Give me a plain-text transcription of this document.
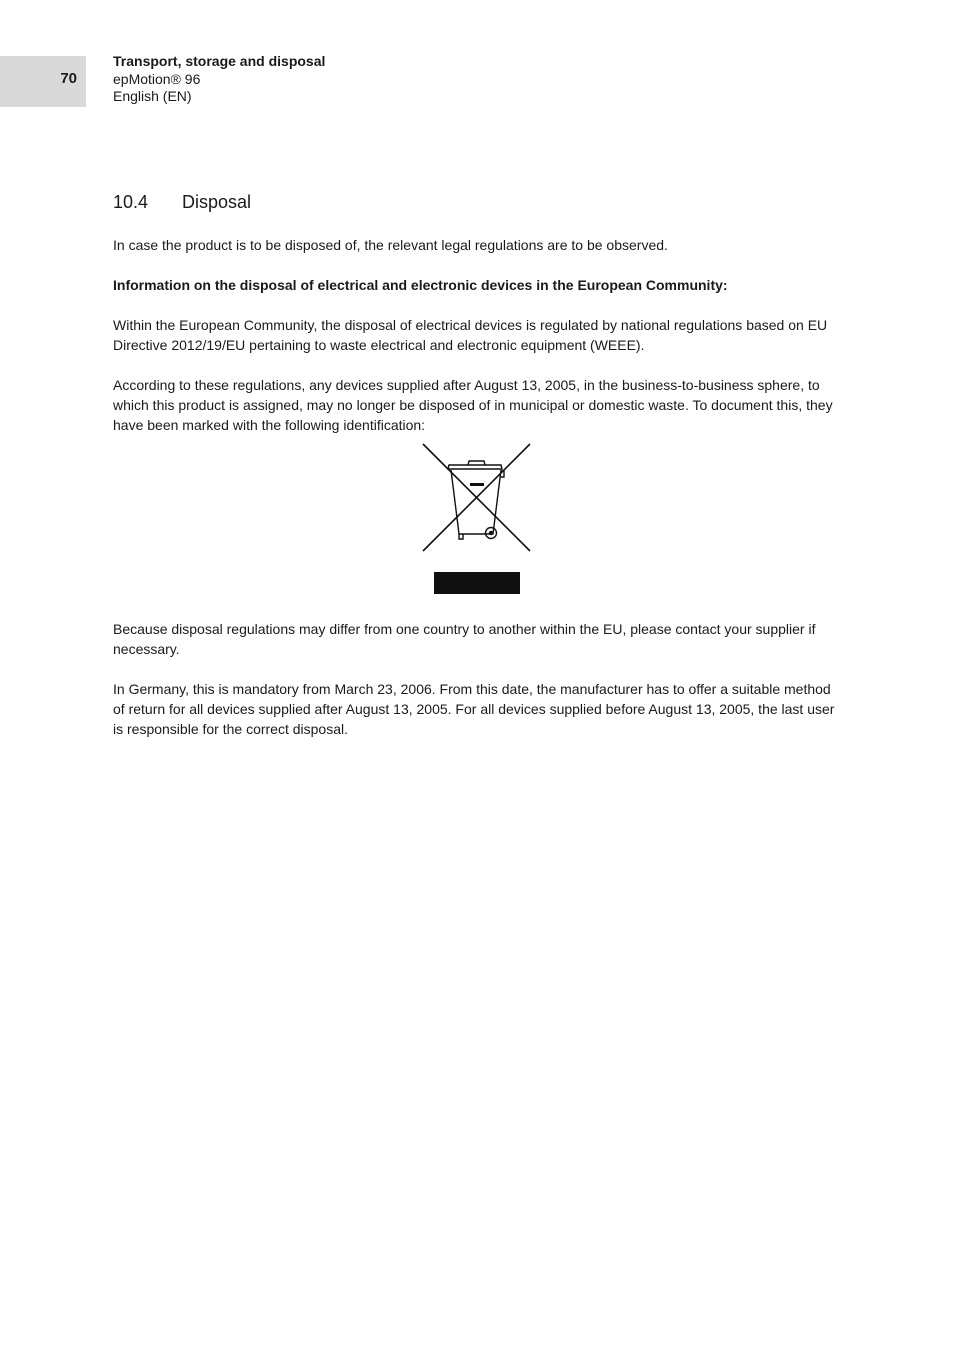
70
Transport, storage and disposal
epMotion® 96
English (EN)
10.4	Disposal

In case the product is to be disposed of, the relevant legal regulations are to be observed.

Information on the disposal of electrical and electronic devices in the European Community:

Within the European Community, the disposal of electrical devices is regulated by national regulations based on EU Directive 2012/19/EU pertaining to waste electrical and electronic equipment (WEEE).

According to these regulations, any devices supplied after August 13, 2005, in the business-to-business sphere, to which this product is assigned, may no longer be disposed of in municipal or domestic waste. To document this, they have been marked with the following identification:

Because disposal regulations may differ from one country to another within the EU, please contact your supplier if necessary.

In Germany, this is mandatory from March 23, 2006. From this date, the manufacturer has to offer a suitable method of return for all devices supplied after August 13, 2005. For all devices supplied before August 13, 2005, the last user is responsible for the correct disposal.
